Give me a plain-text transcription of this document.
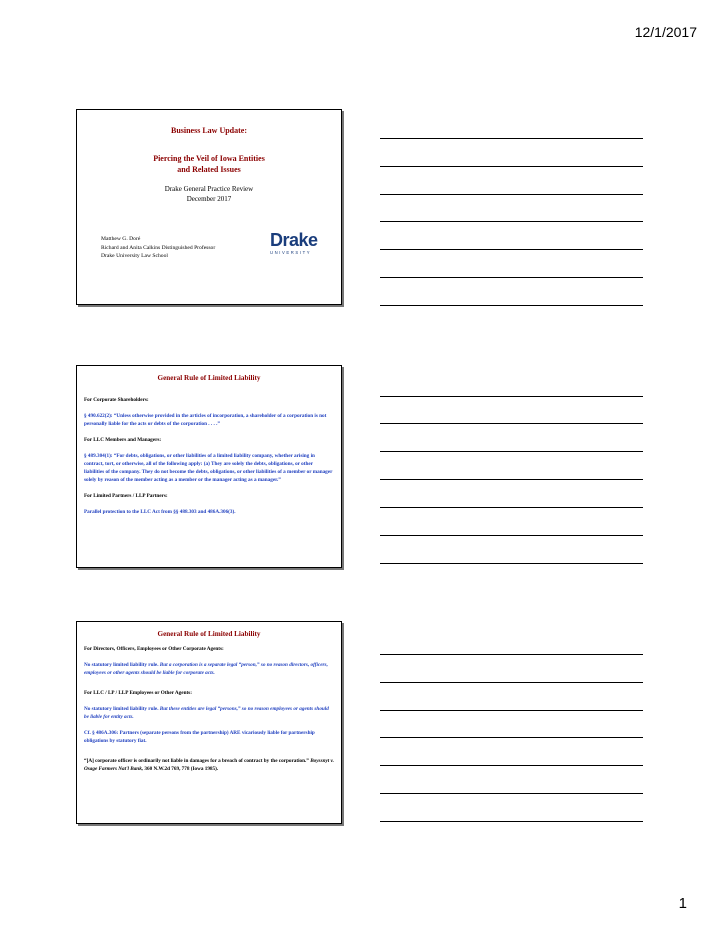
12/1/2017
Business Law Update:
Piercing the Veil of Iowa Entities
and Related Issues
Drake General Practice Review
December 2017
Matthew G. Doré
Richard and Anita Calkins Distinguished Professor
Drake University Law School
Drake
UNIVERSITY
General Rule of Limited Liability
For Corporate Shareholders:
§ 490.622(2): “Unless otherwise provided in the articles of incorporation, a shareholder of a corporation is not personally liable for the acts or debts of the corporation . . . .”
For LLC Members and Managers:
§ 489.304(1): “For debts, obligations, or other liabilities of a limited liability company, whether arising in contract, tort, or otherwise, all of the following apply: (a) They are solely the debts, obligations, or other liabilities of the company. They do not become the debts, obligations, or other liabilities of a member or manager solely by reason of the member acting as a member or the manager acting as a manager.”
For Limited Partners / LLP Partners:
Parallel protection to the LLC Act from §§ 488.303 and 486A.306(3).
General Rule of Limited Liability
For Directors, Officers, Employees or Other Corporate Agents:
No statutory limited liability rule. But a corporation is a separate legal “person,” so no reason directors, officers, employees or other agents should be liable for corporate acts.
For LLC / LP / LLP Employees or Other Agents:
No statutory limited liability rule. But these entities are legal “persons,” so no reason employees or agents should be liable for entity acts.
Cf. § 486A.306: Partners (separate persons from the partnership) ARE vicariously liable for partnership obligations by statutory fiat.
“[A] corporate officer is ordinarily not liable in damages for a breach of contract by the corporation.” Boyssnyt v. Osage Farmers Nat'l Bank, 360 N.W.2d 769, 778 (Iowa 1985).
1
